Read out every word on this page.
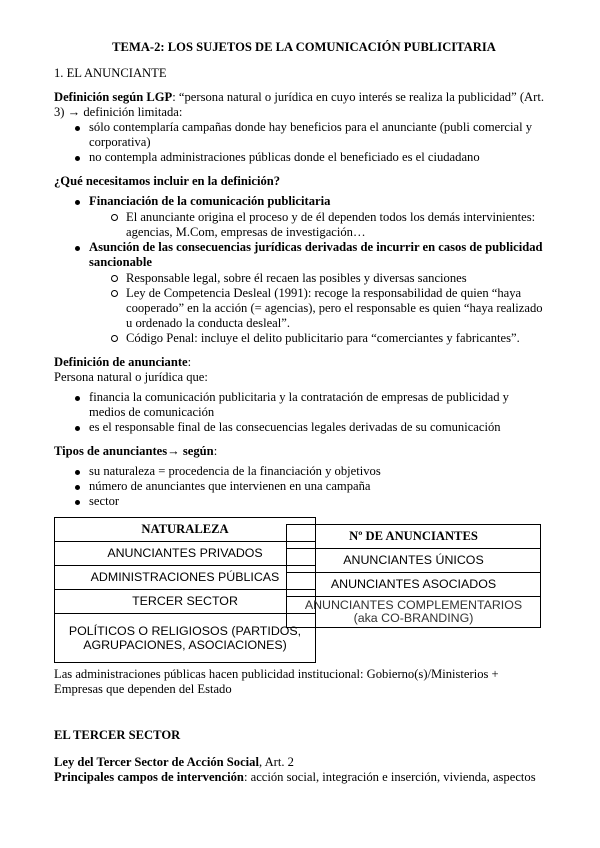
TEMA-2: LOS SUJETOS DE LA COMUNICACIÓN PUBLICITARIA

1. EL ANUNCIANTE

Definición según LGP: “persona natural o jurídica en cuyo interés se realiza la publicidad” (Art. 3) → definición limitada:

sólo contemplaría campañas donde hay beneficios para el anunciante (publi comercial y corporativa)
no contempla administraciones públicas donde el beneficiado es el ciudadano

¿Qué necesitamos incluir en la definición?

Financiación de la comunicación publicitaria
El anunciante origina el proceso y de él dependen todos los demás intervinientes: agencias, M.Com, empresas de investigación…
Asunción de las consecuencias jurídicas derivadas de incurrir en casos de publicidad sancionable
Responsable legal, sobre él recaen las posibles y diversas sanciones
Ley de Competencia Desleal (1991): recoge la responsabilidad de quien “haya cooperado” en la acción (= agencias), pero el responsable es quien “haya realizado u ordenado la conducta desleal”.
Código Penal: incluye el delito publicitario para “comerciantes y fabricantes”.

Definición de anunciante:

Persona natural o jurídica que:

financia la comunicación publicitaria y la contratación de empresas de publicidad y medios de comunicación
es el responsable final de las consecuencias legales derivadas de su comunicación

Tipos de anunciantes→ según:

su naturaleza = procedencia de la financiación y objetivos
número de anunciantes que intervienen en una campaña
sector
NATURALEZA
ANUNCIANTES PRIVADOS
ADMINISTRACIONES PÚBLICAS
TERCER SECTOR
POLÍTICOS O RELIGIOSOS (PARTIDOS, AGRUPACIONES, ASOCIACIONES)
Nº DE ANUNCIANTES
ANUNCIANTES ÚNICOS
ANUNCIANTES ASOCIADOS
ANUNCIANTES COMPLEMENTARIOS (aka CO-BRANDING)

Las administraciones públicas hacen publicidad institucional: Gobierno(s)/Ministerios + Empresas que dependen del Estado

EL TERCER SECTOR

Ley del Tercer Sector de Acción Social, Art. 2

Principales campos de intervención: acción social, integración e inserción, vivienda, aspectos
